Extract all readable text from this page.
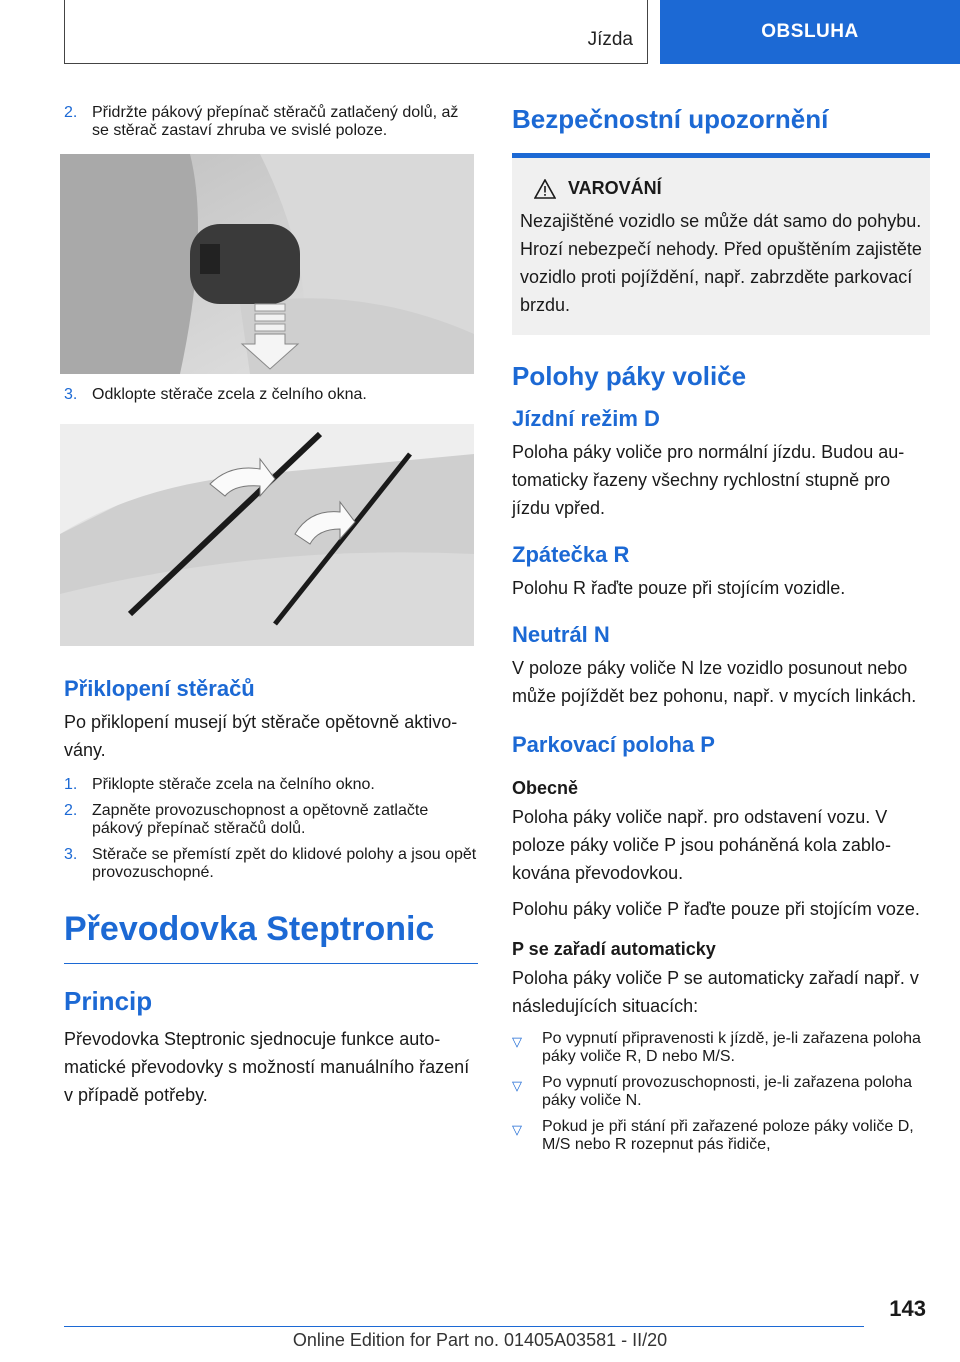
Jízda	OBSLUHA
2. Přidržte pákový přepínač stěračů zatlačený dolů, až se stěrač zastaví zhruba ve svislé poloze.
3. Odklopte stěrače zcela z čelního okna.
Přiklopení stěračů

Po přiklopení musejí být stěrače opětovně aktivovány.

1. Přiklopte stěrače zcela na čelního okno.
2. Zapněte provozuschopnost a opětovně zatlačte pákový přepínač stěračů dolů.
3. Stěrače se přemístí zpět do klidové polohy a jsou opět provozuschopné.
Převodovka Steptronic
Princip

Převodovka Steptronic sjednocuje funkce automatické převodovky s možností manuálního řazení v případě potřeby.

Bezpečnostní upozornění
VAROVÁNÍ

Nezajištěné vozidlo se může dát samo do pohybu. Hrozí nebezpečí nehody. Před opuštěním zajistěte vozidlo proti pojíždění, např. zabrzděte parkovací brzdu.

Polohy páky voliče
Jízdní režim D

Poloha páky voliče pro normální jízdu. Budou automaticky řazeny všechny rychlostní stupně pro jízdu vpřed.

Zpátečka R

Polohu R řaďte pouze při stojícím vozidle.

Neutrál N

V poloze páky voliče N lze vozidlo posunout nebo může pojíždět bez pohonu, např. v mycích linkách.

Parkovací poloha P
Obecně

Poloha páky voliče např. pro odstavení vozu. V poloze páky voliče P jsou poháněná kola zablokována převodovkou.

Polohu páky voliče P řaďte pouze při stojícím voze.

P se zařadí automaticky

Poloha páky voliče P se automaticky zařadí např. v následujících situacích:

▽	Po vypnutí připravenosti k jízdě, je-li zařazena poloha páky voliče R, D nebo M/S.
▽	Po vypnutí provozuschopnosti, je-li zařazena poloha páky voliče N.
▽	Pokud je při stání při zařazené poloze páky voliče D, M/S nebo R rozepnut pás řidiče,
143
Online Edition for Part no. 01405A03581 - II/20
